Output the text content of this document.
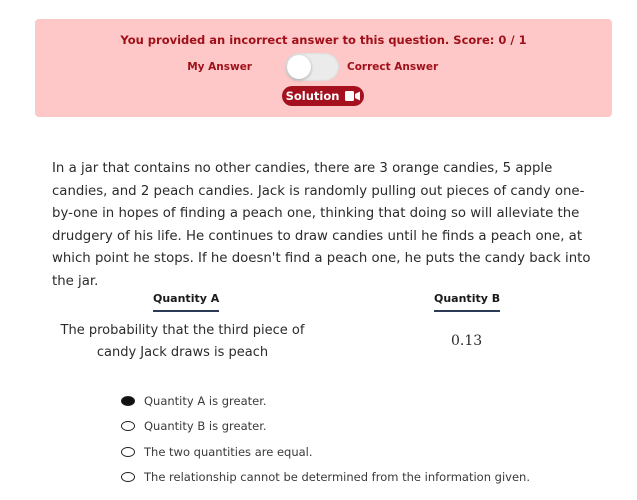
You provided an incorrect answer to this question. Score: 0 / 1
My Answer	Correct Answer
Solution

In a jar that contains no other candies, there are 3 orange candies, 5 apple candies, and 2 peach candies. Jack is randomly pulling out pieces of candy one-by-one in hopes of finding a peach one, thinking that doing so will alleviate the drudgery of his life. He continues to draw candies until he finds a peach one, at which point he stops. If he doesn't find a peach one, he puts the candy back into the jar.

Quantity A	Quantity B
The probability that the third piece of candy Jack draws is peach
0.13
Quantity A is greater.
Quantity B is greater.
The two quantities are equal.
The relationship cannot be determined from the information given.
